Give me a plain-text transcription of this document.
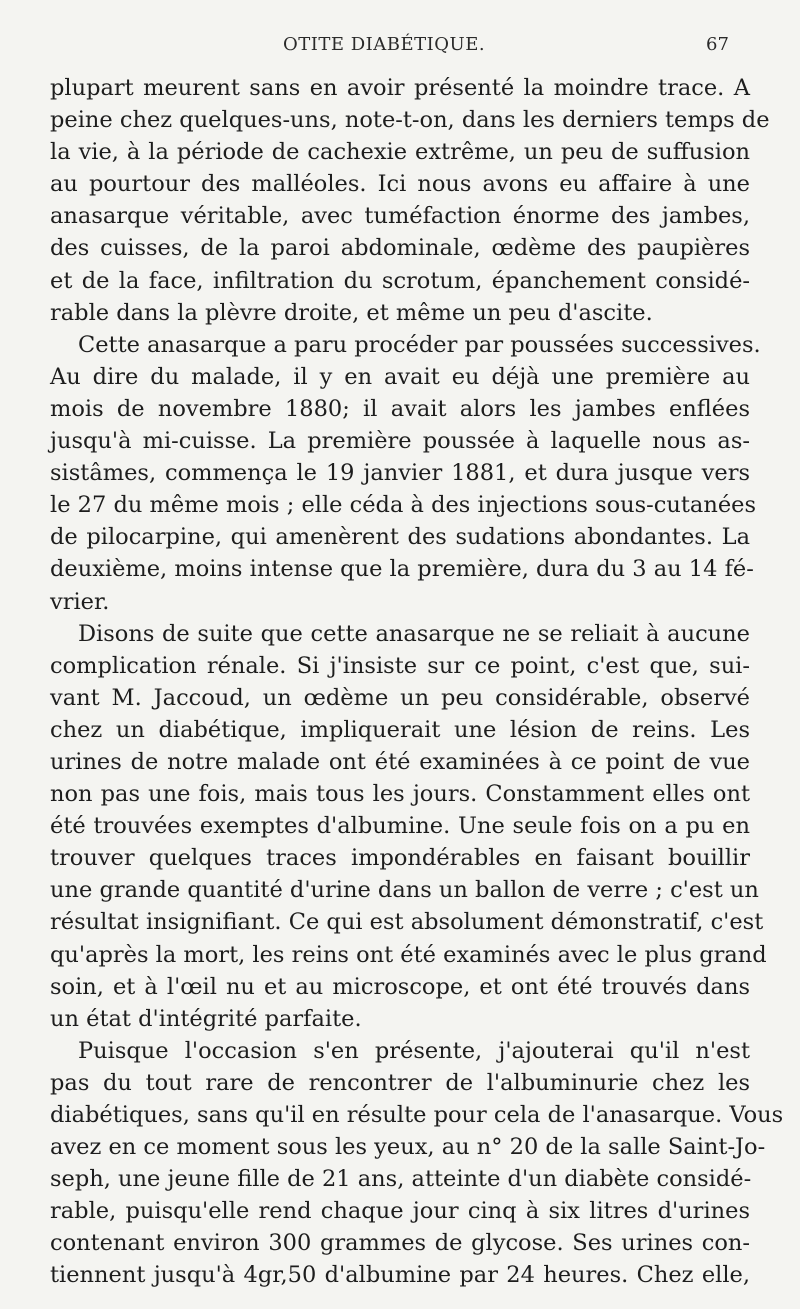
OTITE DIABÉTIQUE.	67
plupart meurent sans en avoir présenté la moindre trace. A
peine chez quelques-uns, note-t-on, dans les derniers temps de
la vie, à la période de cachexie extrême, un peu de suffusion
au pourtour des malléoles. Ici nous avons eu affaire à une
anasarque véritable, avec tuméfaction énorme des jambes,
des cuisses, de la paroi abdominale, œdème des paupières
et de la face, infiltration du scrotum, épanchement considé-
rable dans la plèvre droite, et même un peu d'ascite.
Cette anasarque a paru procéder par poussées successives.
Au dire du malade, il y en avait eu déjà une première au
mois de novembre 1880; il avait alors les jambes enflées
jusqu'à mi-cuisse. La première poussée à laquelle nous as-
sistâmes, commença le 19 janvier 1881, et dura jusque vers
le 27 du même mois ; elle céda à des injections sous-cutanées
de pilocarpine, qui amenèrent des sudations abondantes. La
deuxième, moins intense que la première, dura du 3 au 14 fé-
vrier.
Disons de suite que cette anasarque ne se reliait à aucune
complication rénale. Si j'insiste sur ce point, c'est que, sui-
vant M. Jaccoud, un œdème un peu considérable, observé
chez un diabétique, impliquerait une lésion de reins. Les
urines de notre malade ont été examinées à ce point de vue
non pas une fois, mais tous les jours. Constamment elles ont
été trouvées exemptes d'albumine. Une seule fois on a pu en
trouver quelques traces impondérables en faisant bouillir
une grande quantité d'urine dans un ballon de verre ; c'est un
résultat insignifiant. Ce qui est absolument démonstratif, c'est
qu'après la mort, les reins ont été examinés avec le plus grand
soin, et à l'œil nu et au microscope, et ont été trouvés dans
un état d'intégrité parfaite.
Puisque l'occasion s'en présente, j'ajouterai qu'il n'est
pas du tout rare de rencontrer de l'albuminurie chez les
diabétiques, sans qu'il en résulte pour cela de l'anasarque. Vous
avez en ce moment sous les yeux, au n° 20 de la salle Saint-Jo-
seph, une jeune fille de 21 ans, atteinte d'un diabète considé-
rable, puisqu'elle rend chaque jour cinq à six litres d'urines
contenant environ 300 grammes de glycose. Ses urines con-
tiennent jusqu'à 4gr,50 d'albumine par 24 heures. Chez elle,
